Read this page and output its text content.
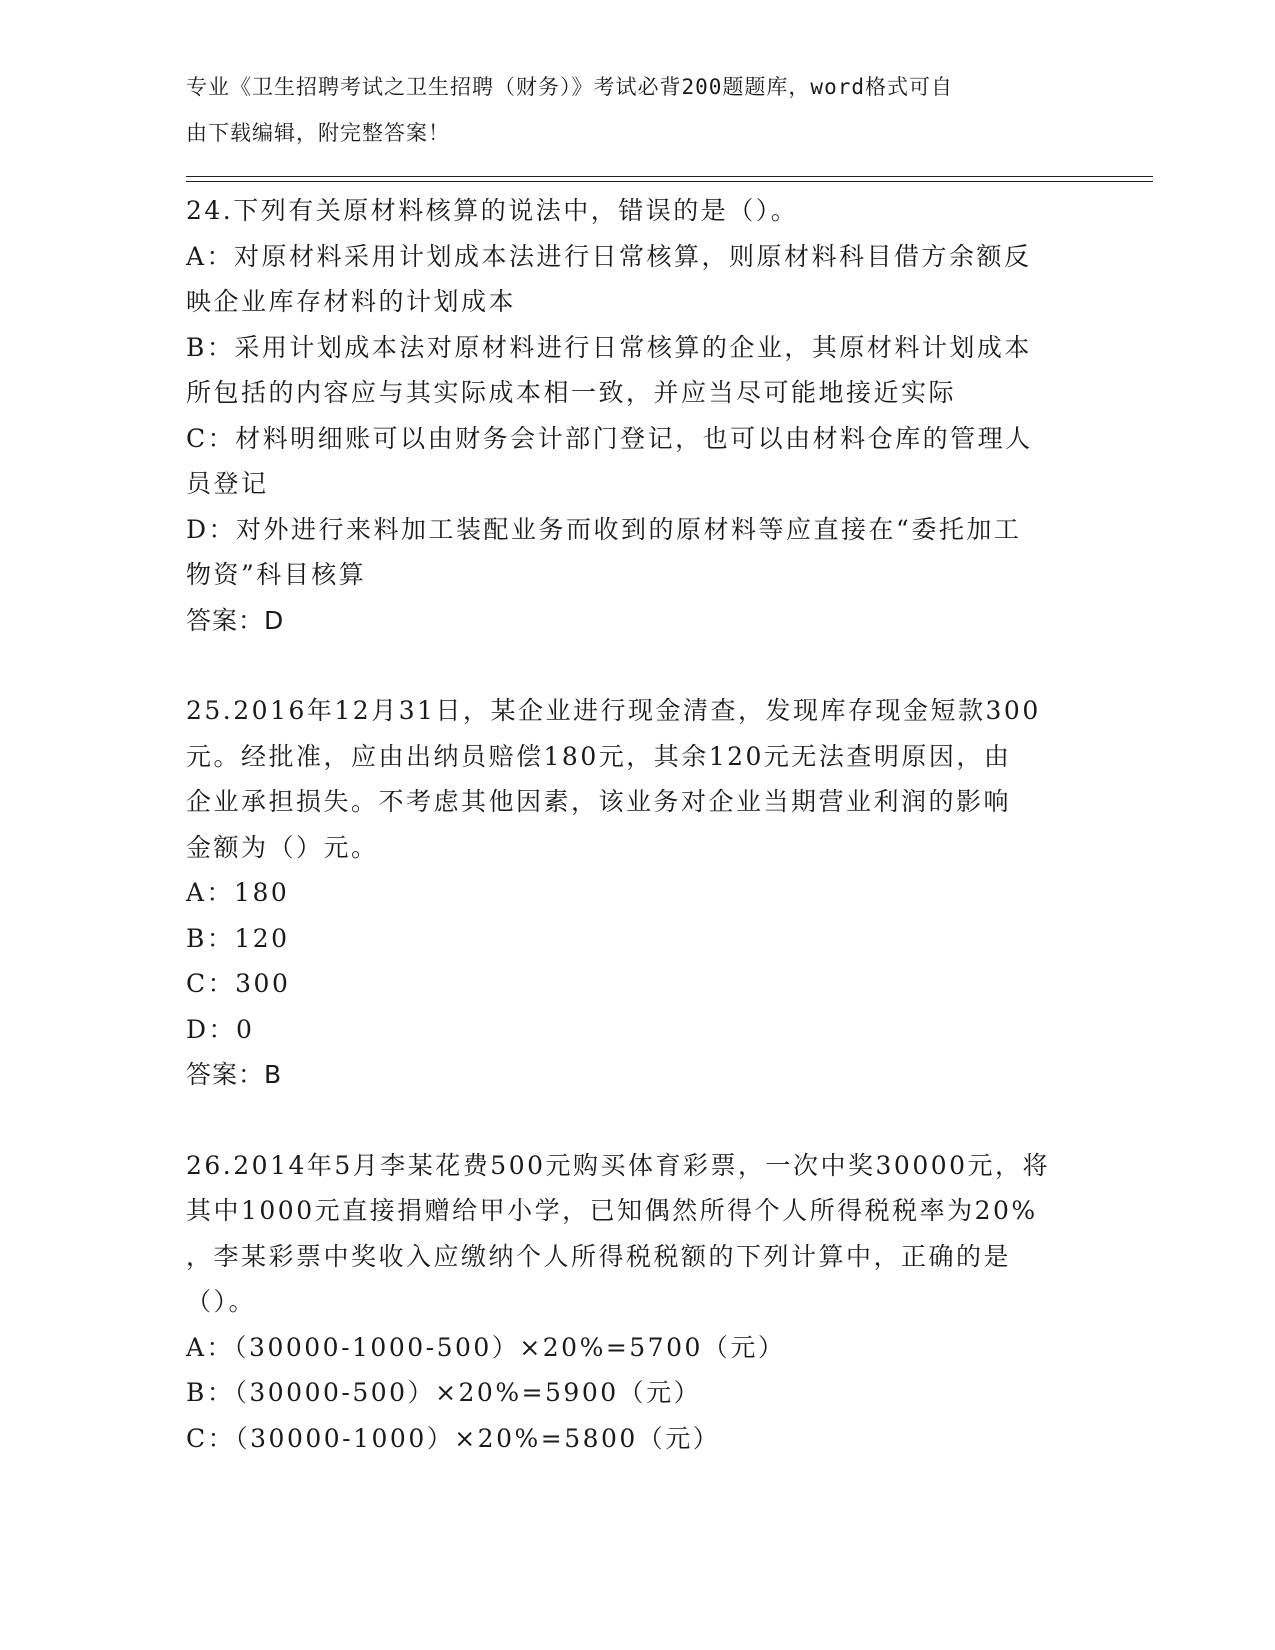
专业《卫生招聘考试之卫生招聘（财务）》考试必背200题题库，word格式可自
由下载编辑，附完整答案！
24.下列有关原材料核算的说法中，错误的是（）。
A：对原材料采用计划成本法进行日常核算，则原材料科目借方余额反
映企业库存材料的计划成本
B：采用计划成本法对原材料进行日常核算的企业，其原材料计划成本
所包括的内容应与其实际成本相一致，并应当尽可能地接近实际
C：材料明细账可以由财务会计部门登记，也可以由材料仓库的管理人
员登记
D：对外进行来料加工装配业务而收到的原材料等应直接在“委托加工
物资”科目核算
答案：D
25.2016年12月31日，某企业进行现金清查，发现库存现金短款300
元。经批准，应由出纳员赔偿180元，其余120元无法查明原因，由
企业承担损失。不考虑其他因素，该业务对企业当期营业利润的影响
金额为（）元。
A：180
B：120
C：300
D：0
答案：B
26.2014年5月李某花费500元购买体育彩票，一次中奖30000元，将
其中1000元直接捐赠给甲小学，已知偶然所得个人所得税税率为20%
，李某彩票中奖收入应缴纳个人所得税税额的下列计算中，正确的是
（）。
A：（30000-1000-500）×20%=5700（元）
B：（30000-500）×20%=5900（元）
C：（30000-1000）×20%=5800（元）
